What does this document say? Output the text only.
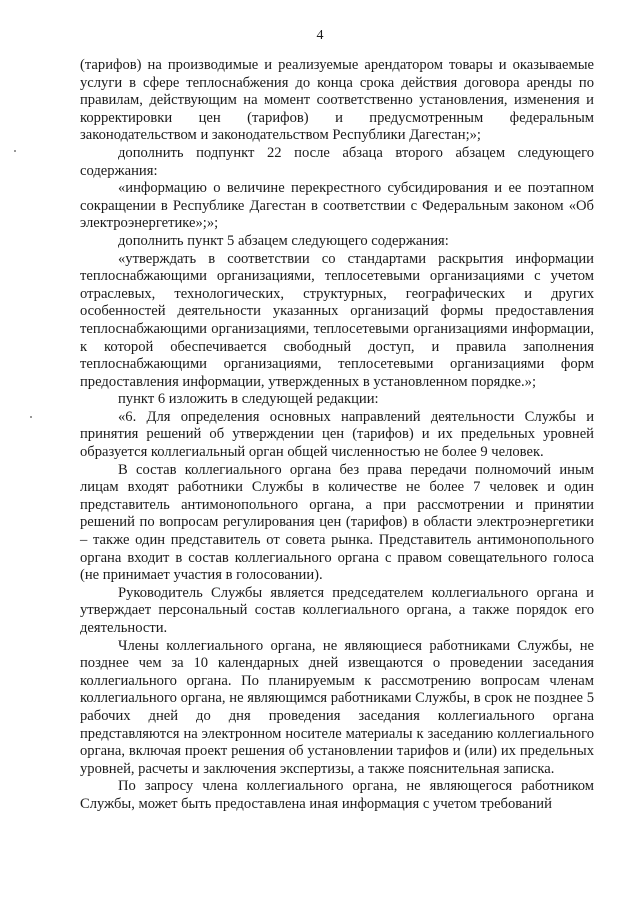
4

(тарифов) на производимые и реализуемые арендатором товары и оказываемые услуги в сфере теплоснабжения до конца срока действия договора аренды по правилам, действующим на момент соответственно установления, изменения и корректировки цен (тарифов) и предусмотренным федеральным законодательством и законодательством Республики Дагестан;»;

дополнить подпункт 22 после абзаца второго абзацем следующего содержания:

«информацию о величине перекрестного субсидирования и ее поэтапном сокращении в Республике Дагестан в соответствии с Федеральным законом «Об электроэнергетике»;»;

дополнить пункт 5 абзацем следующего содержания:

«утверждать в соответствии со стандартами раскрытия информации теплоснабжающими организациями, теплосетевыми организациями с учетом отраслевых, технологических, структурных, географических и других особенностей деятельности указанных организаций формы предоставления теплоснабжающими организациями, теплосетевыми организациями информации, к которой обеспечивается свободный доступ, и правила заполнения теплоснабжающими организациями, теплосетевыми организациями форм предоставления информации, утвержденных в установленном порядке.»;

пункт 6 изложить в следующей редакции:

«6. Для определения основных направлений деятельности Службы и принятия решений об утверждении цен (тарифов) и их предельных уровней образуется коллегиальный орган общей численностью не более 9 человек.

В состав коллегиального органа без права передачи полномочий иным лицам входят работники Службы в количестве не более 7 человек и один представитель антимонопольного органа, а при рассмотрении и принятии решений по вопросам регулирования цен (тарифов) в области электроэнергетики – также один представитель от совета рынка. Представитель антимонопольного органа входит в состав коллегиального органа с правом совещательного голоса (не принимает участия в голосовании).

Руководитель Службы является председателем коллегиального органа и утверждает персональный состав коллегиального органа, а также порядок его деятельности.

Члены коллегиального органа, не являющиеся работниками Службы, не позднее чем за 10 календарных дней извещаются о проведении заседания коллегиального органа. По планируемым к рассмотрению вопросам членам коллегиального органа, не являющимся работниками Службы, в срок не позднее 5 рабочих дней до дня проведения заседания коллегиального органа представляются на электронном носителе материалы к заседанию коллегиального органа, включая проект решения об установлении тарифов и (или) их предельных уровней, расчеты и заключения экспертизы, а также пояснительная записка.

По запросу члена коллегиального органа, не являющегося работником Службы, может быть предоставлена иная информация с учетом требований
